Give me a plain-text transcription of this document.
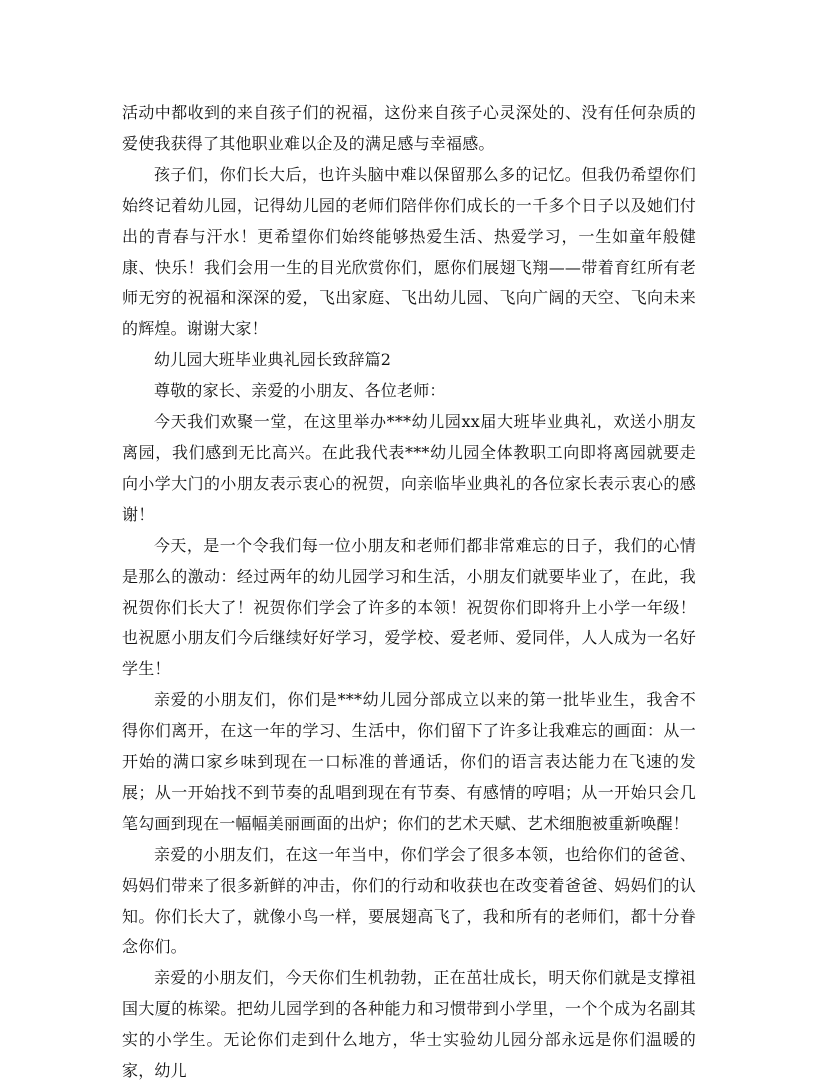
活动中都收到的来自孩子们的祝福，这份来自孩子心灵深处的、没有任何杂质的爱使我获得了其他职业难以企及的满足感与幸福感。

孩子们，你们长大后，也许头脑中难以保留那么多的记忆。但我仍希望你们始终记着幼儿园，记得幼儿园的老师们陪伴你们成长的一千多个日子以及她们付出的青春与汗水！更希望你们始终能够热爱生活、热爱学习，一生如童年般健康、快乐！我们会用一生的目光欣赏你们，愿你们展翅飞翔——带着育红所有老师无穷的祝福和深深的爱，飞出家庭、飞出幼儿园、飞向广阔的天空、飞向未来的辉煌。谢谢大家！

幼儿园大班毕业典礼园长致辞篇2

尊敬的家长、亲爱的小朋友、各位老师：

今天我们欢聚一堂，在这里举办***幼儿园xx届大班毕业典礼，欢送小朋友离园，我们感到无比高兴。在此我代表***幼儿园全体教职工向即将离园就要走向小学大门的小朋友表示衷心的祝贺，向亲临毕业典礼的各位家长表示衷心的感谢！

今天，是一个令我们每一位小朋友和老师们都非常难忘的日子，我们的心情是那么的激动：经过两年的幼儿园学习和生活，小朋友们就要毕业了，在此，我祝贺你们长大了！祝贺你们学会了许多的本领！祝贺你们即将升上小学一年级！也祝愿小朋友们今后继续好好学习，爱学校、爱老师、爱同伴，人人成为一名好学生！

亲爱的小朋友们，你们是***幼儿园分部成立以来的第一批毕业生，我舍不得你们离开，在这一年的学习、生活中，你们留下了许多让我难忘的画面：从一开始的满口家乡味到现在一口标准的普通话，你们的语言表达能力在飞速的发展；从一开始找不到节奏的乱唱到现在有节奏、有感情的哼唱；从一开始只会几笔勾画到现在一幅幅美丽画面的出炉；你们的艺术天赋、艺术细胞被重新唤醒！

亲爱的小朋友们，在这一年当中，你们学会了很多本领，也给你们的爸爸、妈妈们带来了很多新鲜的冲击，你们的行动和收获也在改变着爸爸、妈妈们的认知。你们长大了，就像小鸟一样，要展翅高飞了，我和所有的老师们，都十分眷念你们。

亲爱的小朋友们，今天你们生机勃勃，正在茁壮成长，明天你们就是支撑祖国大厦的栋梁。把幼儿园学到的各种能力和习惯带到小学里，一个个成为名副其实的小学生。无论你们走到什么地方，华士实验幼儿园分部永远是你们温暖的家，幼儿
